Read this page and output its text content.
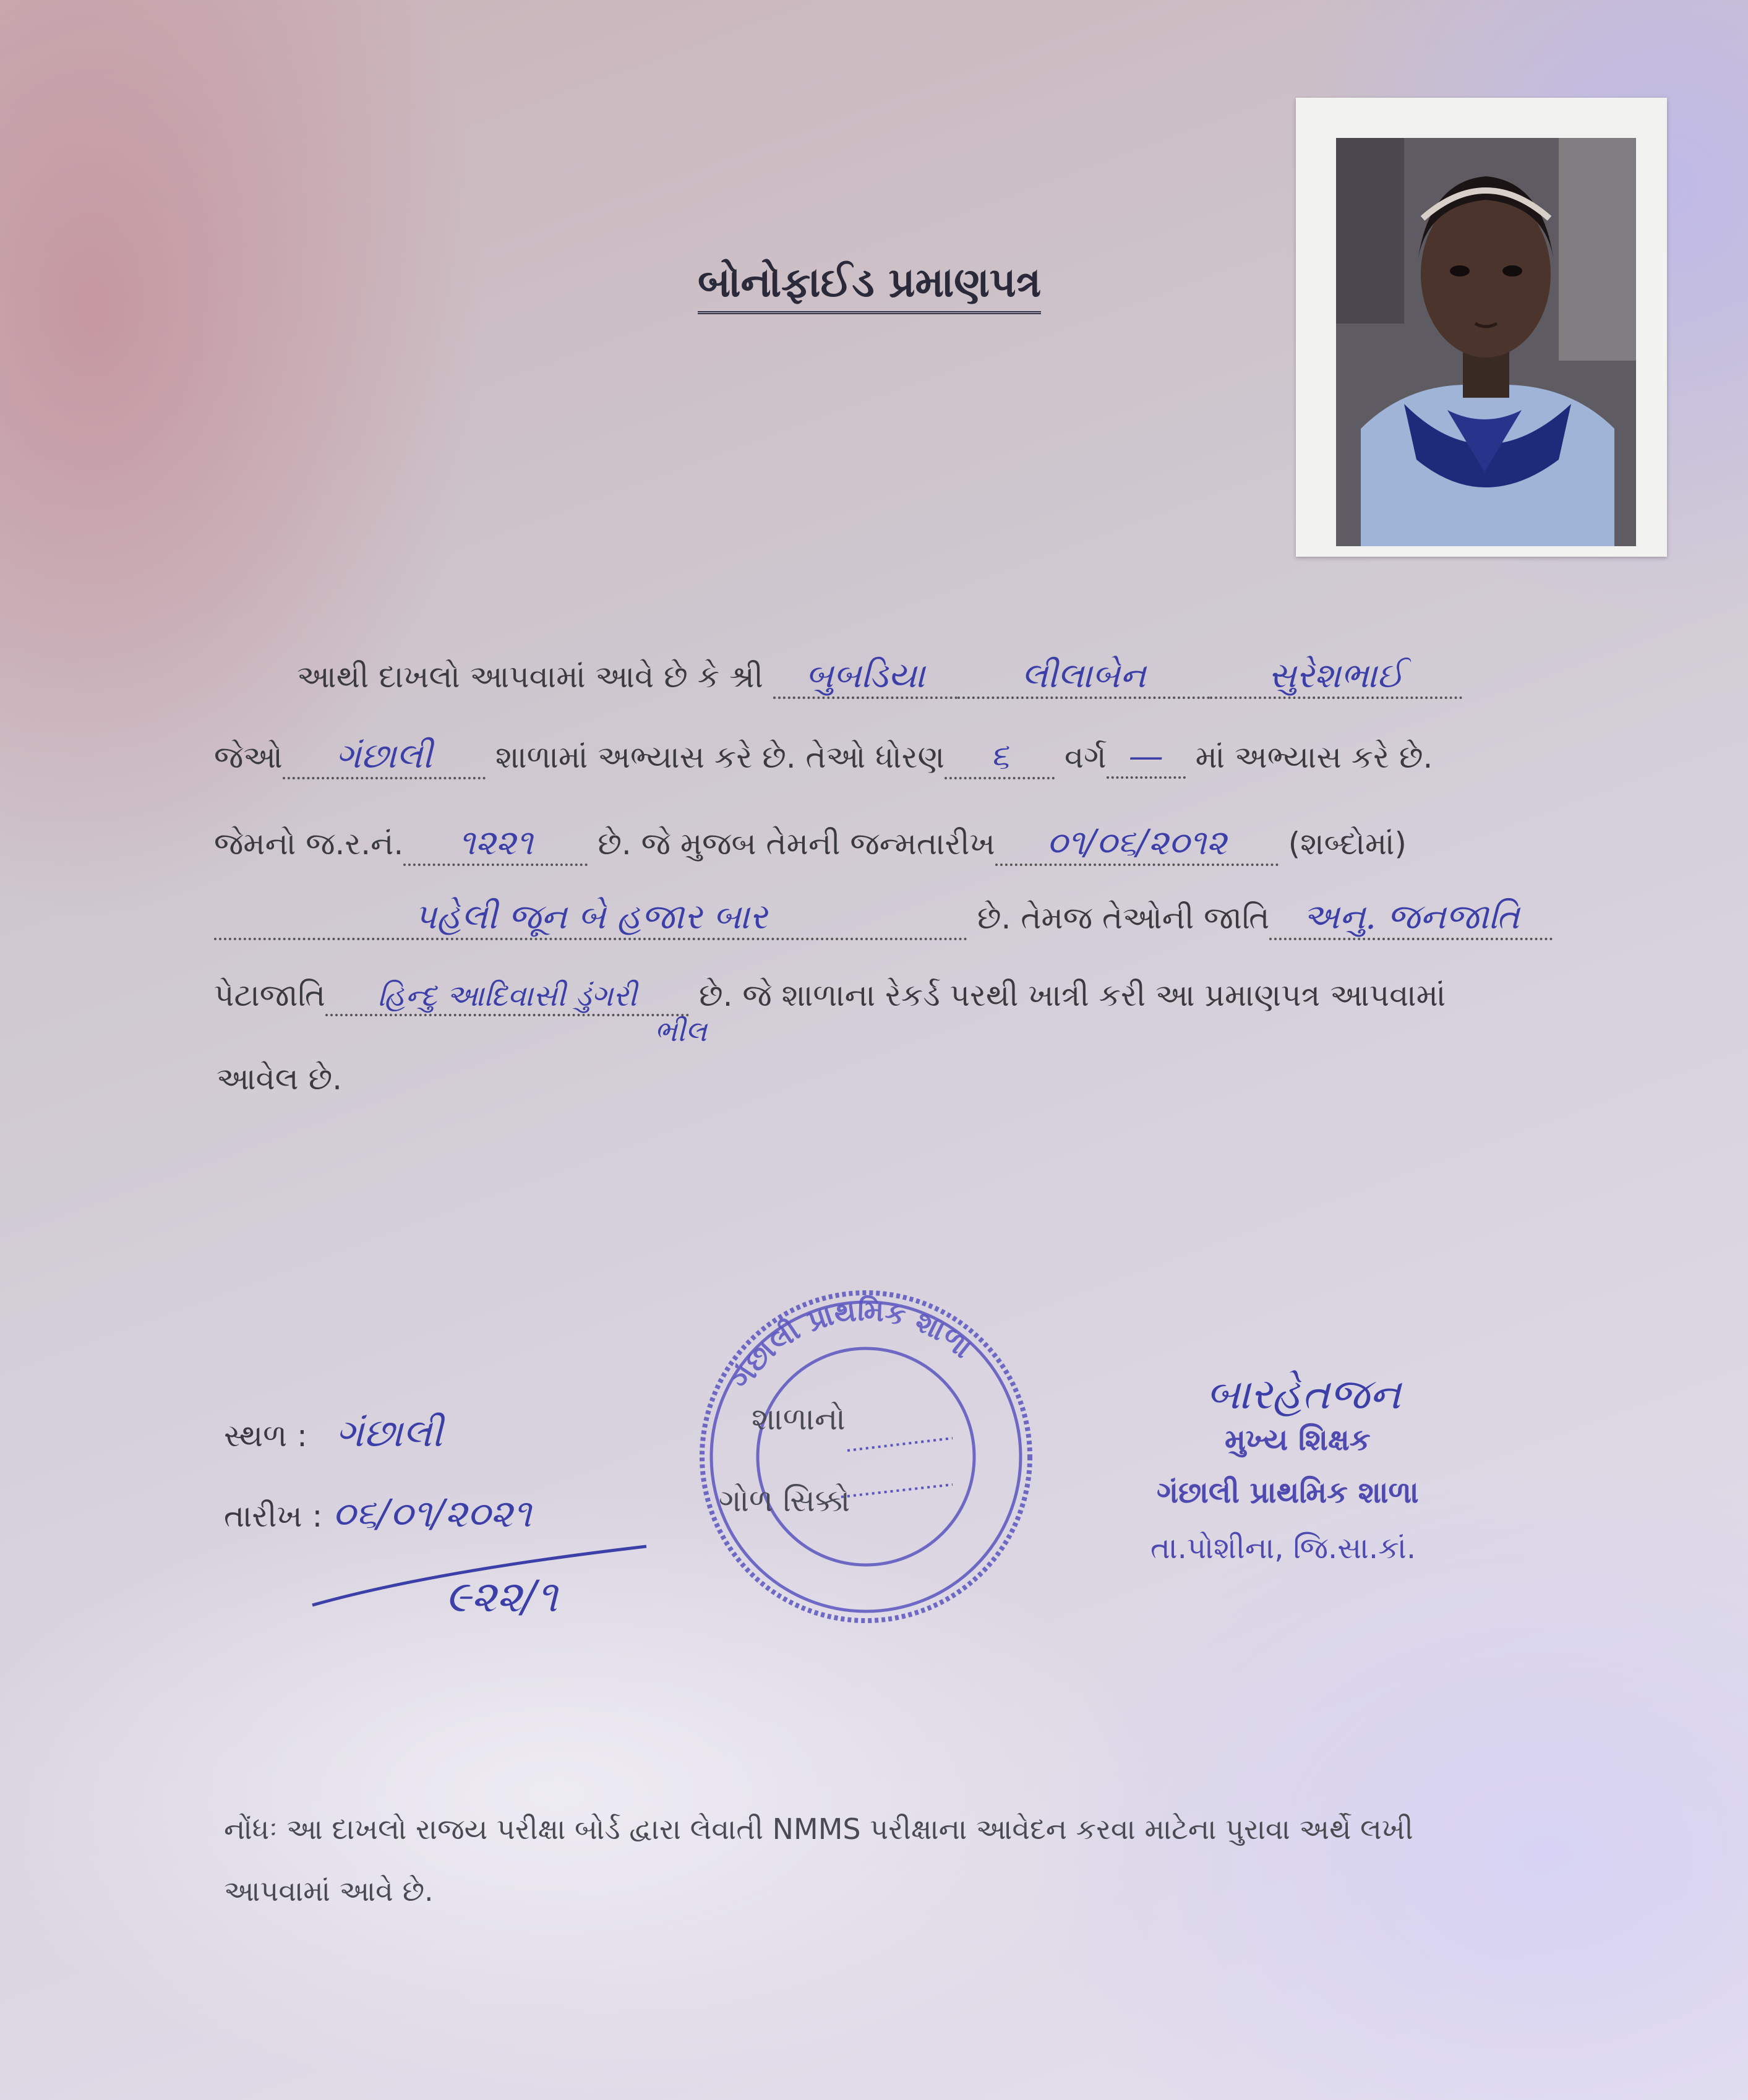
બોનોફાઈડ પ્રમાણપત્ર
આથી દાખલો આપવામાં આવે છે કે શ્રી બુબડિયા	લીલાબેન	સુરેશભાઈ
જેઓ ગંછાલી શાળામાં અભ્યાસ કરે છે. તેઓ ધોરણ ૬ વર્ગ — માં અભ્યાસ કરે છે.
જેમનો જ.ર.નં. ૧૨૨૧ છે. જે મુજબ તેમની જન્મતારીખ ૦૧/૦૬/૨૦૧૨ (શબ્દોમાં)
પહેલી જૂન બે હજાર બાર	છે. તેમજ તેઓની જાતિ અનુ. જનજાતિ
પેટાજાતિ હિન્દુ આદિવાસી ડુંગરી છે. જે શાળાના રેકર્ડ પરથી ખાત્રી કરી આ પ્રમાણપત્ર આપવામાં
ભીલ
આવેલ છે.
સ્થળ : ગંછાલી
તારીખ : ૦૬/૦૧/૨૦૨૧
૯૨૨/૧
ગંછાલી પ્રાથમિક શાળા
શાળાનો
ગોળ સિક્કો
બારહેતજન
મુખ્ય શિક્ષક
ગંછાલી પ્રાથમિક શાળા
તા.પોશીના, જિ.સા.કાં.
નોંધઃ આ દાખલો રાજય પરીક્ષા બોર્ડ દ્વારા લેવાતી NMMS પરીક્ષાના આવેદન કરવા માટેના પુરાવા અર્થે લખી
આપવામાં આવે છે.
